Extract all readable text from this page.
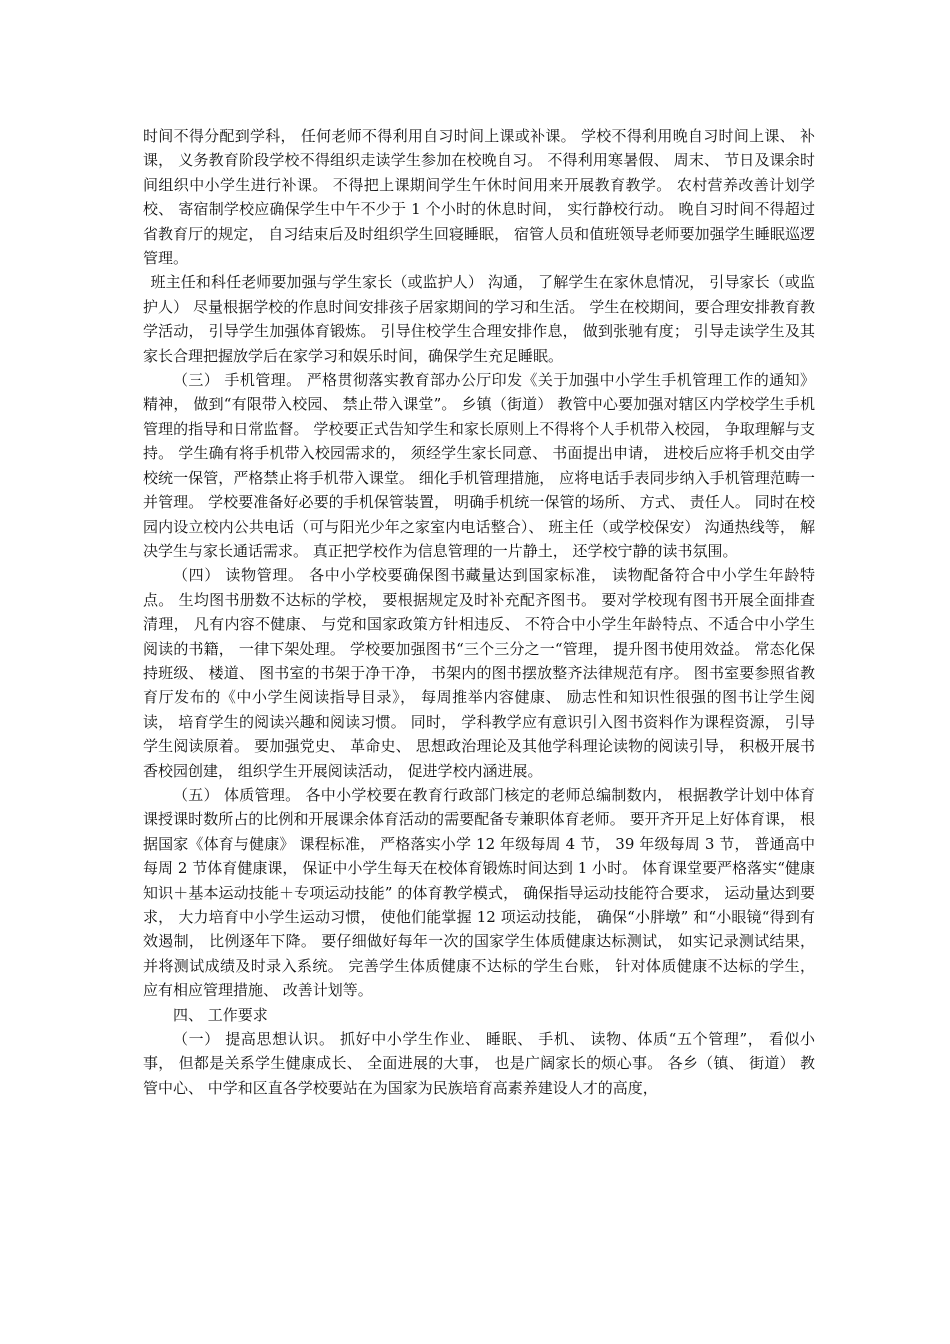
时间不得分配到学科， 任何老师不得利用自习时间上课或补课。 学校不得利用晚自习时间上课、 补课， 义务教育阶段学校不得组织走读学生参加在校晚自习。 不得利用寒暑假、 周末、 节日及课余时间组织中小学生进行补课。 不得把上课期间学生午休时间用来开展教育教学。 农村营养改善计划学校、 寄宿制学校应确保学生中午不少于 1 个小时的休息时间， 实行静校行动。 晚自习时间不得超过省教育厅的规定， 自习结束后及时组织学生回寝睡眠， 宿管人员和值班领导老师要加强学生睡眠巡逻管理。

班主任和科任老师要加强与学生家长（或监护人） 沟通， 了解学生在家休息情况， 引导家长（或监护人） 尽量根据学校的作息时间安排孩子居家期间的学习和生活。 学生在校期间，要合理安排教育教学活动， 引导学生加强体育锻炼。 引导住校学生合理安排作息， 做到张驰有度； 引导走读学生及其家长合理把握放学后在家学习和娱乐时间，确保学生充足睡眠。

（三） 手机管理。 严格贯彻落实教育部办公厅印发《关于加强中小学生手机管理工作的通知》 精神， 做到“有限带入校园、 禁止带入课堂”。 乡镇（街道） 教管中心要加强对辖区内学校学生手机管理的指导和日常监督。 学校要正式告知学生和家长原则上不得将个人手机带入校园， 争取理解与支持。 学生确有将手机带入校园需求的， 须经学生家长同意、 书面提出申请， 进校后应将手机交由学校统一保管，严格禁止将手机带入课堂。 细化手机管理措施， 应将电话手表同步纳入手机管理范畴一并管理。 学校要准备好必要的手机保管装置， 明确手机统一保管的场所、 方式、 责任人。 同时在校园内设立校内公共电话（可与阳光少年之家室内电话整合）、 班主任（或学校保安） 沟通热线等， 解决学生与家长通话需求。 真正把学校作为信息管理的一片静土， 还学校宁静的读书氛围。

（四） 读物管理。 各中小学校要确保图书藏量达到国家标准， 读物配备符合中小学生年龄特点。 生均图书册数不达标的学校， 要根据规定及时补充配齐图书。 要对学校现有图书开展全面排查清理， 凡有内容不健康、 与党和国家政策方针相违反、 不符合中小学生年龄特点、不适合中小学生阅读的书籍， 一律下架处理。 学校要加强图书“三个三分之一“管理， 提升图书使用效益。 常态化保持班级、 楼道、 图书室的书架于净干净， 书架内的图书摆放整齐法律规范有序。 图书室要参照省教育厅发布的《中小学生阅读指导目录》， 每周推举内容健康、 励志性和知识性很强的图书让学生阅读， 培育学生的阅读兴趣和阅读习惯。 同时， 学科教学应有意识引入图书资料作为课程资源， 引导学生阅读原着。 要加强党史、 革命史、 思想政治理论及其他学科理论读物的阅读引导， 积极开展书香校园创建， 组织学生开展阅读活动， 促进学校内涵进展。

（五） 体质管理。 各中小学校要在教育行政部门核定的老师总编制数内， 根据教学计划中体育课授课时数所占的比例和开展课余体育活动的需要配备专兼职体育老师。 要开齐开足上好体育课， 根据国家《体育与健康》 课程标准， 严格落实小学 12 年级每周 4 节， 39 年级每周 3 节， 普通高中每周 2 节体育健康课， 保证中小学生每天在校体育锻炼时间达到 1 小时。 体育课堂要严格落实“健康知识＋基本运动技能＋专项运动技能” 的体育教学模式， 确保指导运动技能符合要求， 运动量达到要求， 大力培育中小学生运动习惯， 使他们能掌握 12 项运动技能， 确保“小胖墩” 和“小眼镜“得到有效遏制， 比例逐年下降。 要仔细做好每年一次的国家学生体质健康达标测试， 如实记录测试结果， 并将测试成绩及时录入系统。 完善学生体质健康不达标的学生台账， 针对体质健康不达标的学生， 应有相应管理措施、 改善计划等。

四、 工作要求

（一） 提高思想认识。 抓好中小学生作业、 睡眠、 手机、 读物、体质“五个管理”， 看似小事， 但都是关系学生健康成长、 全面进展的大事， 也是广阔家长的烦心事。 各乡（镇、 街道） 教管中心、 中学和区直各学校要站在为国家为民族培育高素养建设人才的高度，
